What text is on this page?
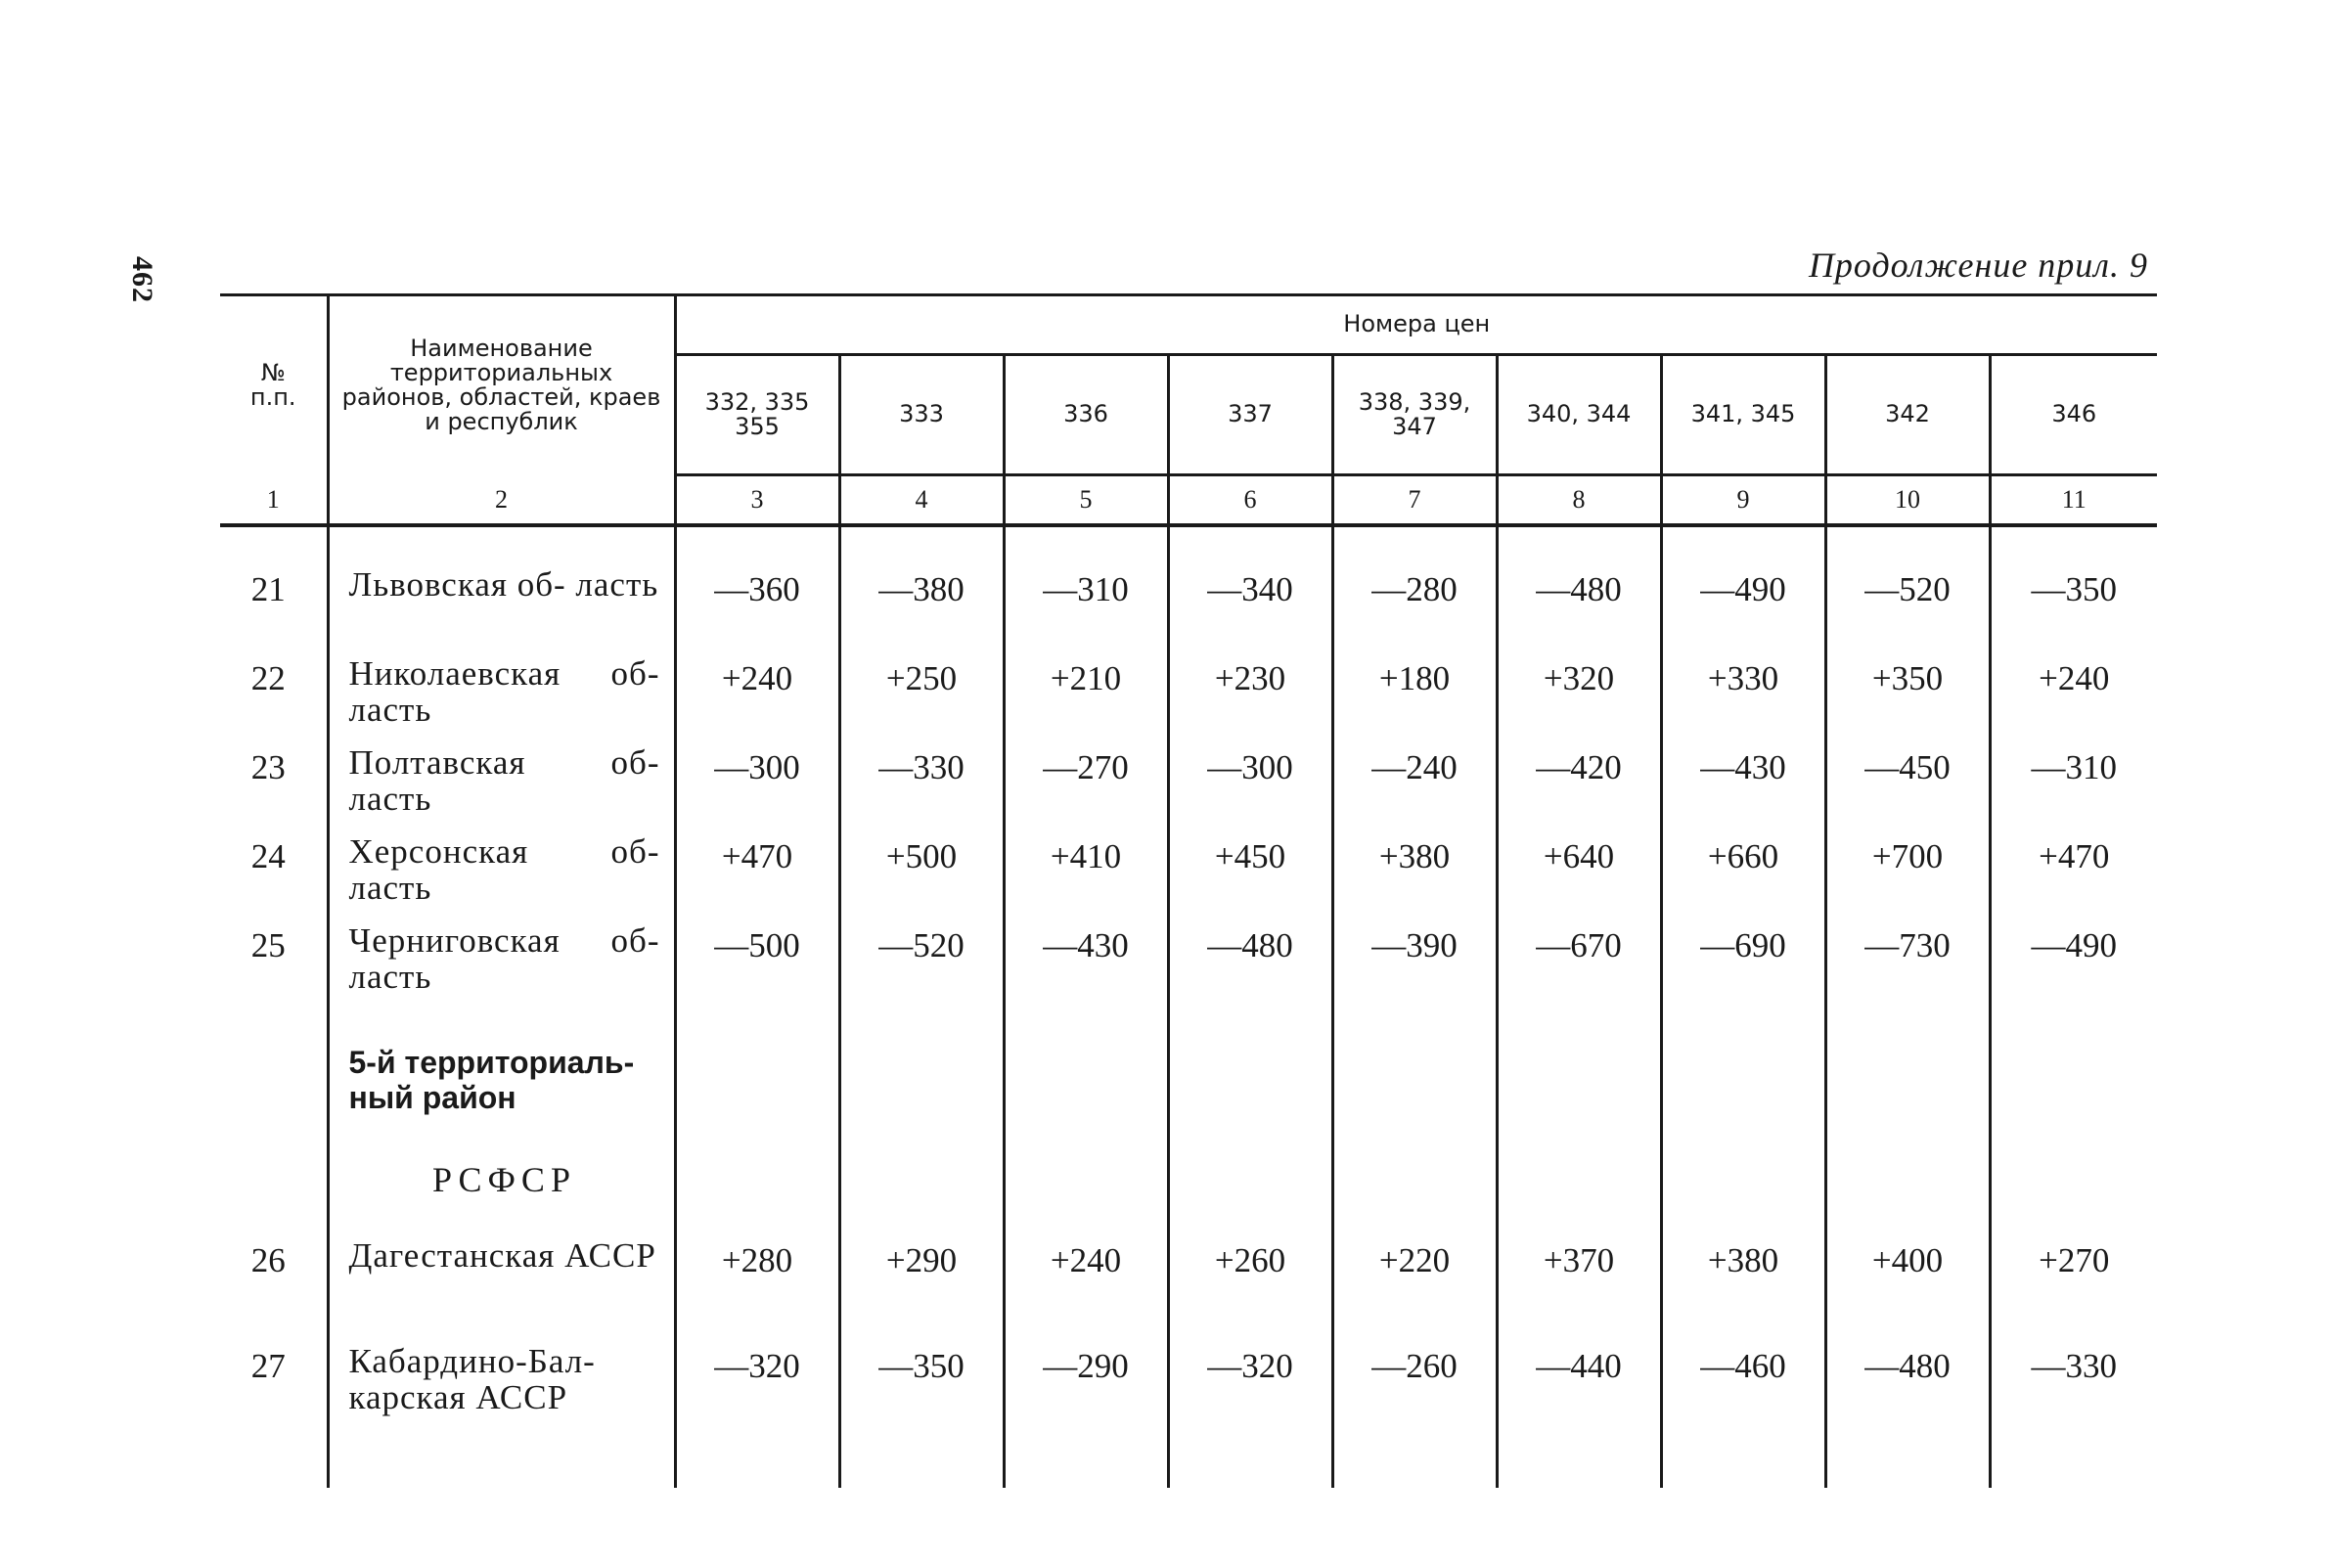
462	Продолжение прил. 9
№
п.п.	Наименование территориальных районов, областей, краев и республик	Номера цен								
		332, 335 355	333	336	337	338, 339, 347	340, 344	341, 345	342	346
1	2	3	4	5	6	7	8	9	10	11

21	Львовская об- ласть	—360	—380	—310	—340	—280	—480	—490	—520	—350

22	Николаевская об- ласть	+240	+250	+210	+230	+180	+320	+330	+350	+240

23	Полтавская об- ласть	—300	—330	—270	—300	—240	—420	—430	—450	—310

24	Херсонская об- ласть	+470	+500	+410	+450	+380	+640	+660	+700	+470

25	Черниговская об- ласть	—500	—520	—430	—480	—390	—670	—690	—730	—490

	5-й территориаль- ный район									
	РСФСР									

26	Дагестанская АССР	+280	+290	+240	+260	+220	+370	+380	+400	+270

27	Кабардино-Бал- карская АССР	—320	—350	—290	—320	—260	—440	—460	—480	—330
